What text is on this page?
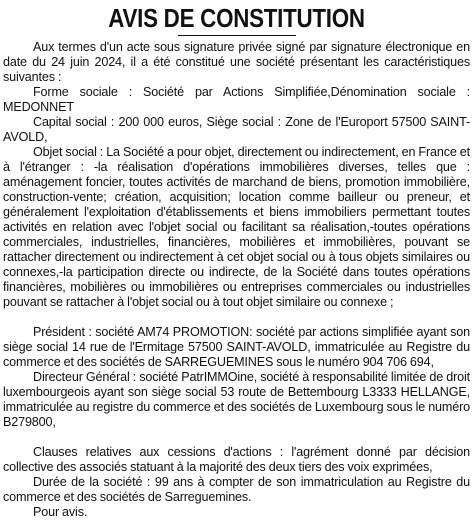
AVIS DE CONSTITUTION

Aux termes d'un acte sous signature privée signé par signature électronique en date du 24 juin 2024, il a été constitué une société présentant les caractéristiques suivantes :

Forme sociale : Société par Actions Simplifiée,Dénomination sociale : MEDONNET

Capital social : 200 000 euros, Siège social : Zone de l'Europort 57500 SAINT-AVOLD,

Objet social : La Société a pour objet, directement ou indirectement, en France et à l'étranger : -la réalisation d'opérations immobilières diverses, telles que : aménagement foncier, toutes activités de marchand de biens, promotion immobilière, construction-vente; création, acquisition; location comme bailleur ou preneur, et généralement l'exploitation d'établissements et biens immobiliers permettant toutes activités en relation avec l'objet social ou facilitant sa réalisation,-toutes opérations commerciales, industrielles, financières, mobilières et immobilières, pouvant se rattacher directement ou indirectement à cet objet social ou à tous objets similaires ou connexes,-la participation directe ou indirecte, de la Société dans toutes opérations financières, mobilières ou immobilières ou entreprises commerciales ou industrielles pouvant se rattacher à l'objet social ou à tout objet similaire ou connexe ;

Président : société AM74 PROMOTION: société par actions simplifiée ayant son siège social 14 rue de l'Ermitage 57500 SAINT-AVOLD, immatriculée au Registre du commerce et des sociétés de SARREGUEMINES sous le numéro 904 706 694,

Directeur Général : société PatrIMMOine, société à responsabilité limitée de droit luxembourgeois ayant son siège social 53 route de Bettembourg L3333 HELLANGE, immatriculée au registre du commerce et des sociétés de Luxembourg sous le numéro B279800,

Clauses relatives aux cessions d'actions : l'agrément donné par décision collective des associés statuant à la majorité des deux tiers des voix exprimées,

Durée de la société : 99 ans à compter de son immatriculation au Registre du commerce et des sociétés de Sarreguemines.

Pour avis.
